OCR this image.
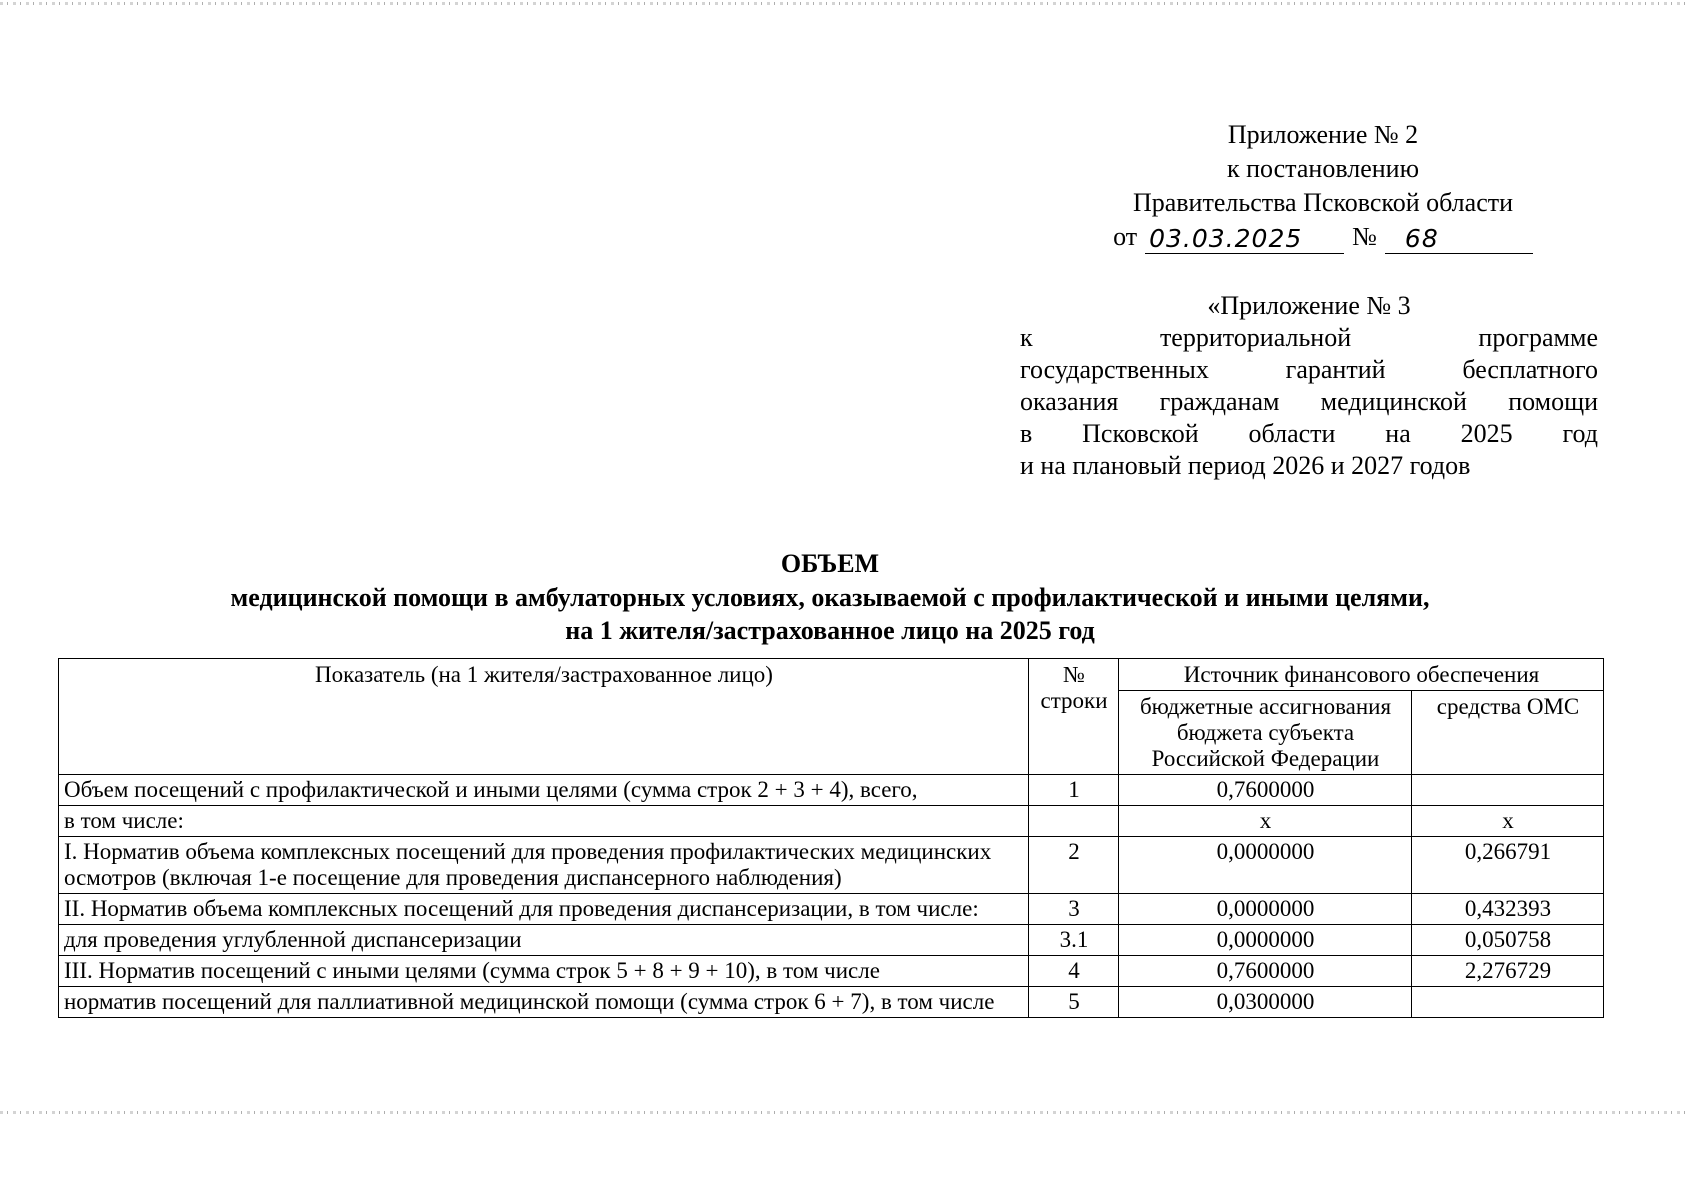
Приложение № 2
к постановлению
Правительства Псковской области
от 03.03.2025	№	68
«Приложение № 3
к территориальной программе
государственных гарантий бесплатного
оказания гражданам медицинской помощи
в Псковской области на 2025 год
и на плановый период 2026 и 2027 годов
ОБЪЕМ
медицинской помощи в амбулаторных условиях, оказываемой с профилактической и иными целями,
на 1 жителя/застрахованное лицо на 2025 год
Показатель (на 1 жителя/застрахованное лицо)	№ строки	Источник финансового обеспечения	
		бюджетные ассигнования бюджета субъекта Российской Федерации	средства ОМС
Объем посещений с профилактической и иными целями (сумма строк 2 + 3 + 4), всего,	1	0,7600000	
в том числе:		х	х
I. Норматив объема комплексных посещений для проведения профилактических медицинских осмотров (включая 1-е посещение для проведения диспансерного наблюдения)	2	0,0000000	0,266791
II. Норматив объема комплексных посещений для проведения диспансеризации, в том числе:	3	0,0000000	0,432393
для проведения углубленной диспансеризации	3.1	0,0000000	0,050758
III. Норматив посещений с иными целями (сумма строк 5 + 8 + 9 + 10), в том числе	4	0,7600000	2,276729
норматив посещений для паллиативной медицинской помощи (сумма строк 6 + 7), в том числе	5	0,0300000	
